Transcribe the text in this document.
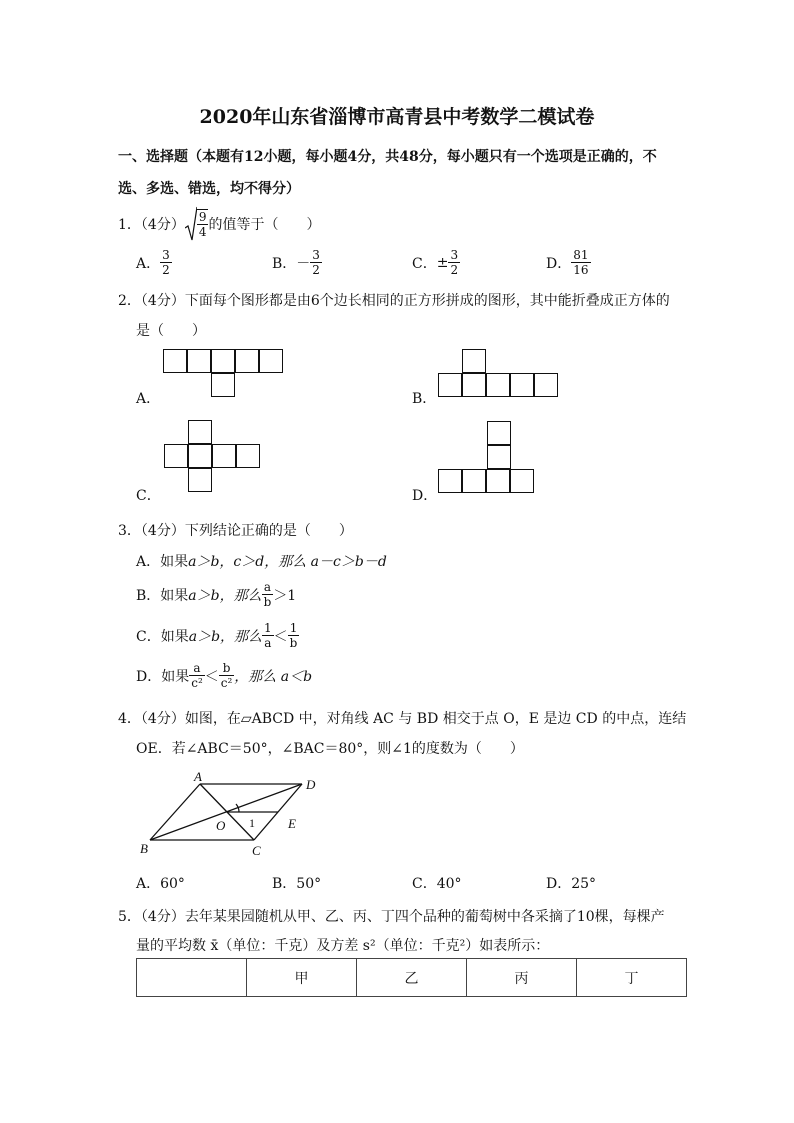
2020年山东省淄博市高青县中考数学二模试卷
一、选择题（本题有12小题，每小题4分，共48分，每小题只有一个选项是正确的，不
选、多选、错选，均不得分）
1．（4分） $\frac{9}{4}$ 的值等于（　　）
A． $\frac{3}{2}$	B． － $\frac{3}{2}$	C． ± $\frac{3}{2}$	D． $\frac{81}{16}$
2．（4分）下面每个图形都是由6个边长相同的正方形拼成的图形，其中能折叠成正方体的
是（　　）
A．	B．
C．	D．
3．（4分）下列结论正确的是（　　）
A．如果a＞b，c＞d，那么 a－c＞b－d
B．如果 a＞b，那么 $\frac{a}{b} >1$
C．如果 a＞b，那么 $\frac{1}{a} < \frac{1}{b}$
D．如果 $\frac{a}{\text{c²}} < \frac{b}{\text{c²}}$ ，那么 a＜b
4．（4分）如图，在▱ABCD 中，对角线 AC 与 BD 相交于点 O，E 是边 CD 的中点，连结
OE．若∠ABC＝50°，∠BAC＝80°，则∠1的度数为（　　）
A
D
B	C
O	E
1
A．60°	B．50°	C．40°	D．25°
5．（4分）去年某果园随机从甲、乙、丙、丁四个品种的葡萄树中各采摘了10棵，每棵产
量的平均数 x̄（单位：千克）及方差 s²（单位：千克²）如表所示：
	甲	乙	丙	丁
